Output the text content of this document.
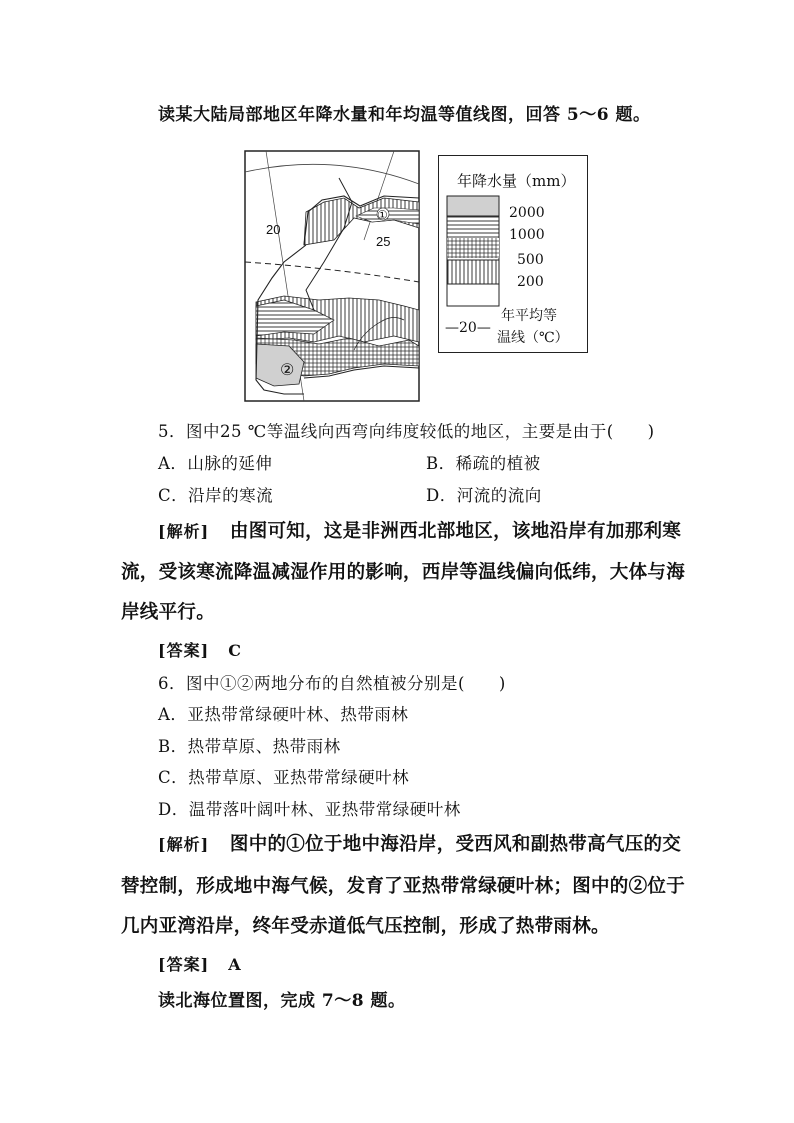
读某大陆局部地区年降水量和年均温等值线图，回答 5～6 题。
20
25
①
②
年降水量（mm）
2000
1000
500
200
—20—
年平均等
温线（℃）
5．图中25 ℃等温线向西弯向纬度较低的地区，主要是由于(　　)
A．山脉的延伸	B．稀疏的植被
C．沿岸的寒流	D．河流的流向
[解析] 由图可知，这是非洲西北部地区，该地沿岸有加那利寒
流，受该寒流降温减湿作用的影响，西岸等温线偏向低纬，大体与海
岸线平行。
[答案] C
6．图中①②两地分布的自然植被分别是(　　)
A．亚热带常绿硬叶林、热带雨林
B．热带草原、热带雨林
C．热带草原、亚热带常绿硬叶林
D．温带落叶阔叶林、亚热带常绿硬叶林
[解析] 图中的①位于地中海沿岸，受西风和副热带高气压的交
替控制，形成地中海气候，发育了亚热带常绿硬叶林；图中的②位于
几内亚湾沿岸，终年受赤道低气压控制，形成了热带雨林。
[答案] A
读北海位置图，完成 7～8 题。
